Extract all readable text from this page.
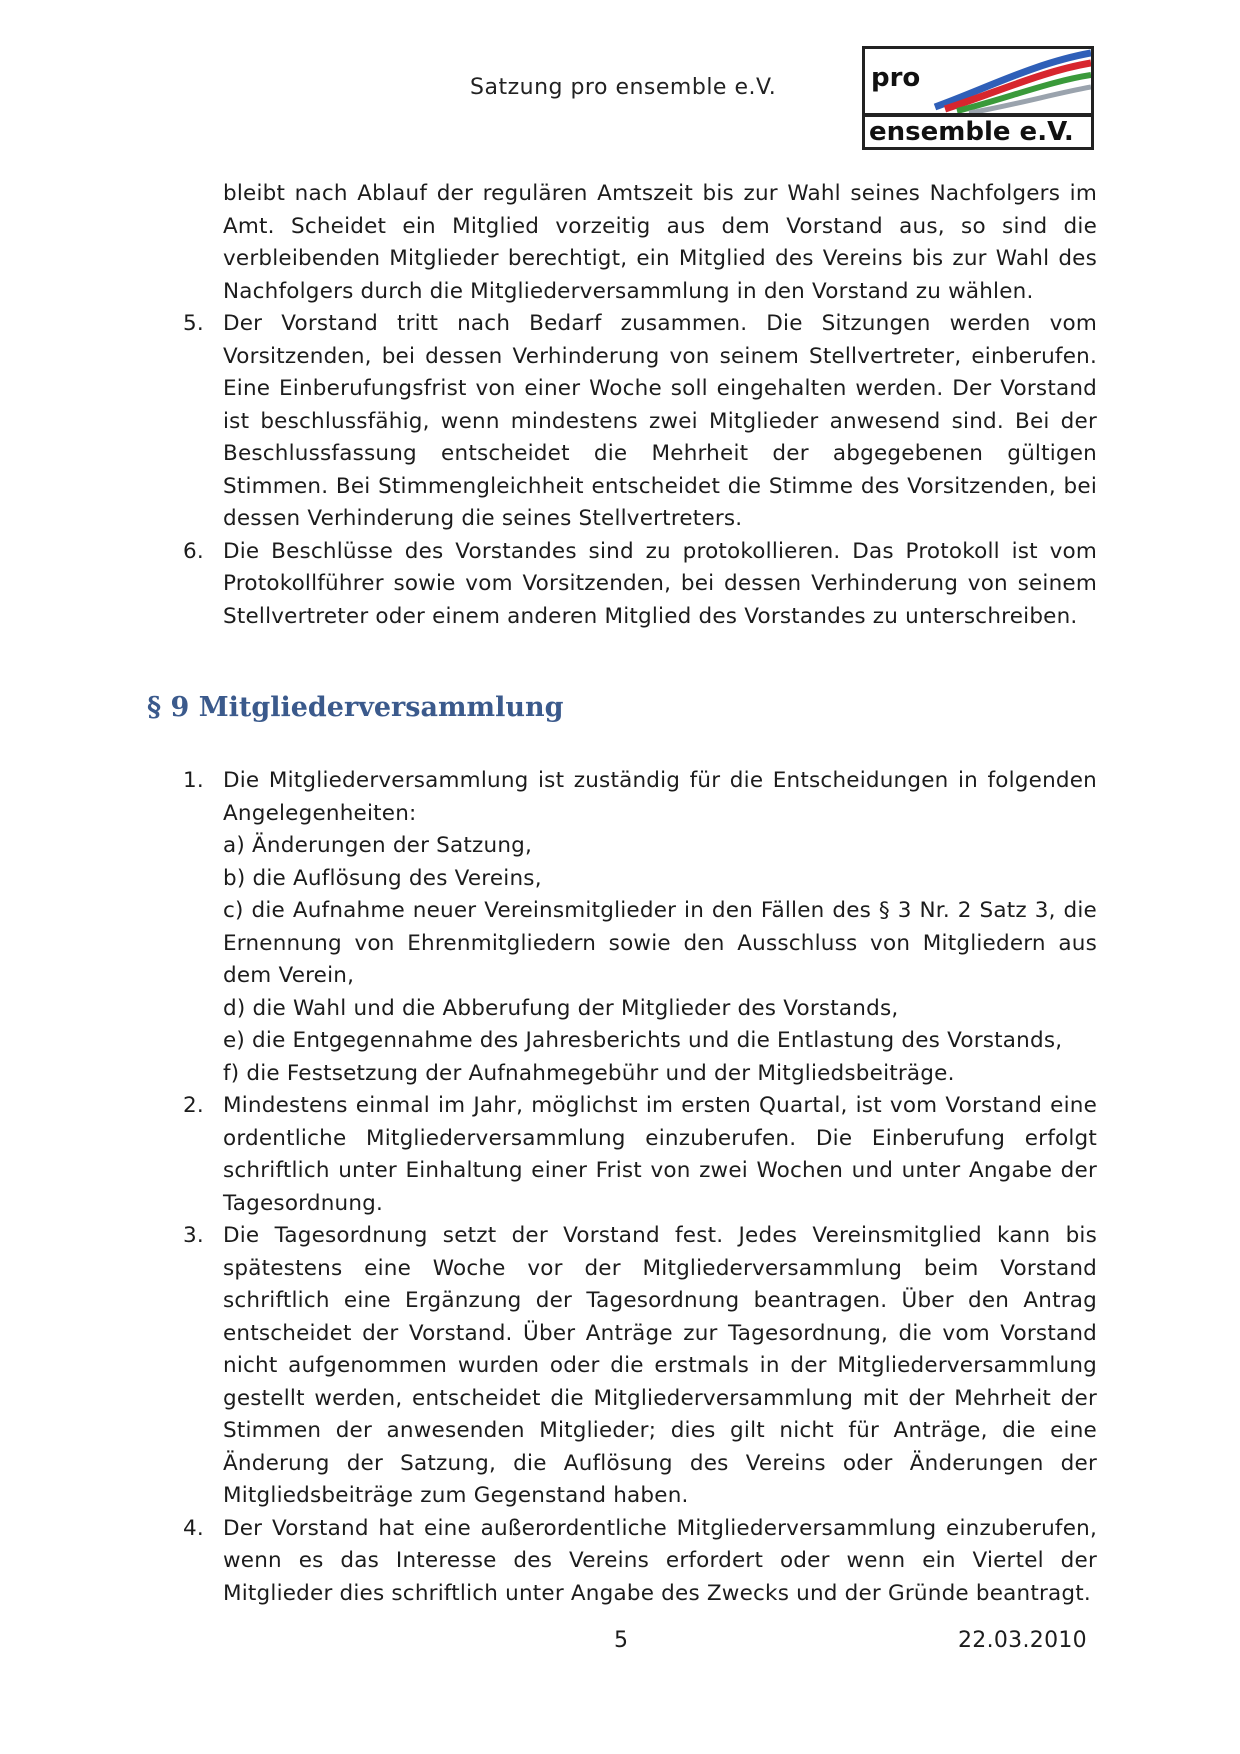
Satzung pro ensemble e.V.	pro
ensemble e.V.
bleibt nach Ablauf der regulären Amtszeit bis zur Wahl seines Nachfolgers im Amt. Scheidet ein Mitglied vorzeitig aus dem Vorstand aus, so sind die verbleibenden Mitglieder berechtigt, ein Mitglied des Vereins bis zur Wahl des Nachfolgers durch die Mitgliederversammlung in den Vorstand zu wählen.
5. Der Vorstand tritt nach Bedarf zusammen. Die Sitzungen werden vom Vorsitzenden, bei dessen Verhinderung von seinem Stellvertreter, einberufen. Eine Einberufungsfrist von einer Woche soll eingehalten werden. Der Vorstand ist beschlussfähig, wenn mindestens zwei Mitglieder anwesend sind. Bei der Beschlussfassung entscheidet die Mehrheit der abgegebenen gültigen Stimmen. Bei Stimmengleichheit entscheidet die Stimme des Vorsitzenden, bei dessen Verhinderung die seines Stellvertreters.
6. Die Beschlüsse des Vorstandes sind zu protokollieren. Das Protokoll ist vom Protokollführer sowie vom Vorsitzenden, bei dessen Verhinderung von seinem Stellvertreter oder einem anderen Mitglied des Vorstandes zu unterschreiben.
§ 9 Mitgliederversammlung
1. Die Mitgliederversammlung ist zuständig für die Entscheidungen in folgenden Angelegenheiten:
a) Änderungen der Satzung,
b) die Auflösung des Vereins,
c) die Aufnahme neuer Vereinsmitglieder in den Fällen des § 3 Nr. 2 Satz 3, die Ernennung von Ehrenmitgliedern sowie den Ausschluss von Mitgliedern aus dem Verein,
d) die Wahl und die Abberufung der Mitglieder des Vorstands,
e) die Entgegennahme des Jahresberichts und die Entlastung des Vorstands,
f) die Festsetzung der Aufnahmegebühr und der Mitgliedsbeiträge.
2. Mindestens einmal im Jahr, möglichst im ersten Quartal, ist vom Vorstand eine ordentliche Mitgliederversammlung einzuberufen. Die Einberufung erfolgt schriftlich unter Einhaltung einer Frist von zwei Wochen und unter Angabe der Tagesordnung.
3. Die Tagesordnung setzt der Vorstand fest. Jedes Vereinsmitglied kann bis spätestens eine Woche vor der Mitgliederversammlung beim Vorstand schriftlich eine Ergänzung der Tagesordnung beantragen. Über den Antrag entscheidet der Vorstand. Über Anträge zur Tagesordnung, die vom Vorstand nicht aufgenommen wurden oder die erstmals in der Mitgliederversammlung gestellt werden, entscheidet die Mitgliederversammlung mit der Mehrheit der Stimmen der anwesenden Mitglieder; dies gilt nicht für Anträge, die eine Änderung der Satzung, die Auflösung des Vereins oder Änderungen der Mitgliedsbeiträge zum Gegenstand haben.
4. Der Vorstand hat eine außerordentliche Mitgliederversammlung einzuberufen, wenn es das Interesse des Vereins erfordert oder wenn ein Viertel der Mitglieder dies schriftlich unter Angabe des Zwecks und der Gründe beantragt.
5	22.03.2010
